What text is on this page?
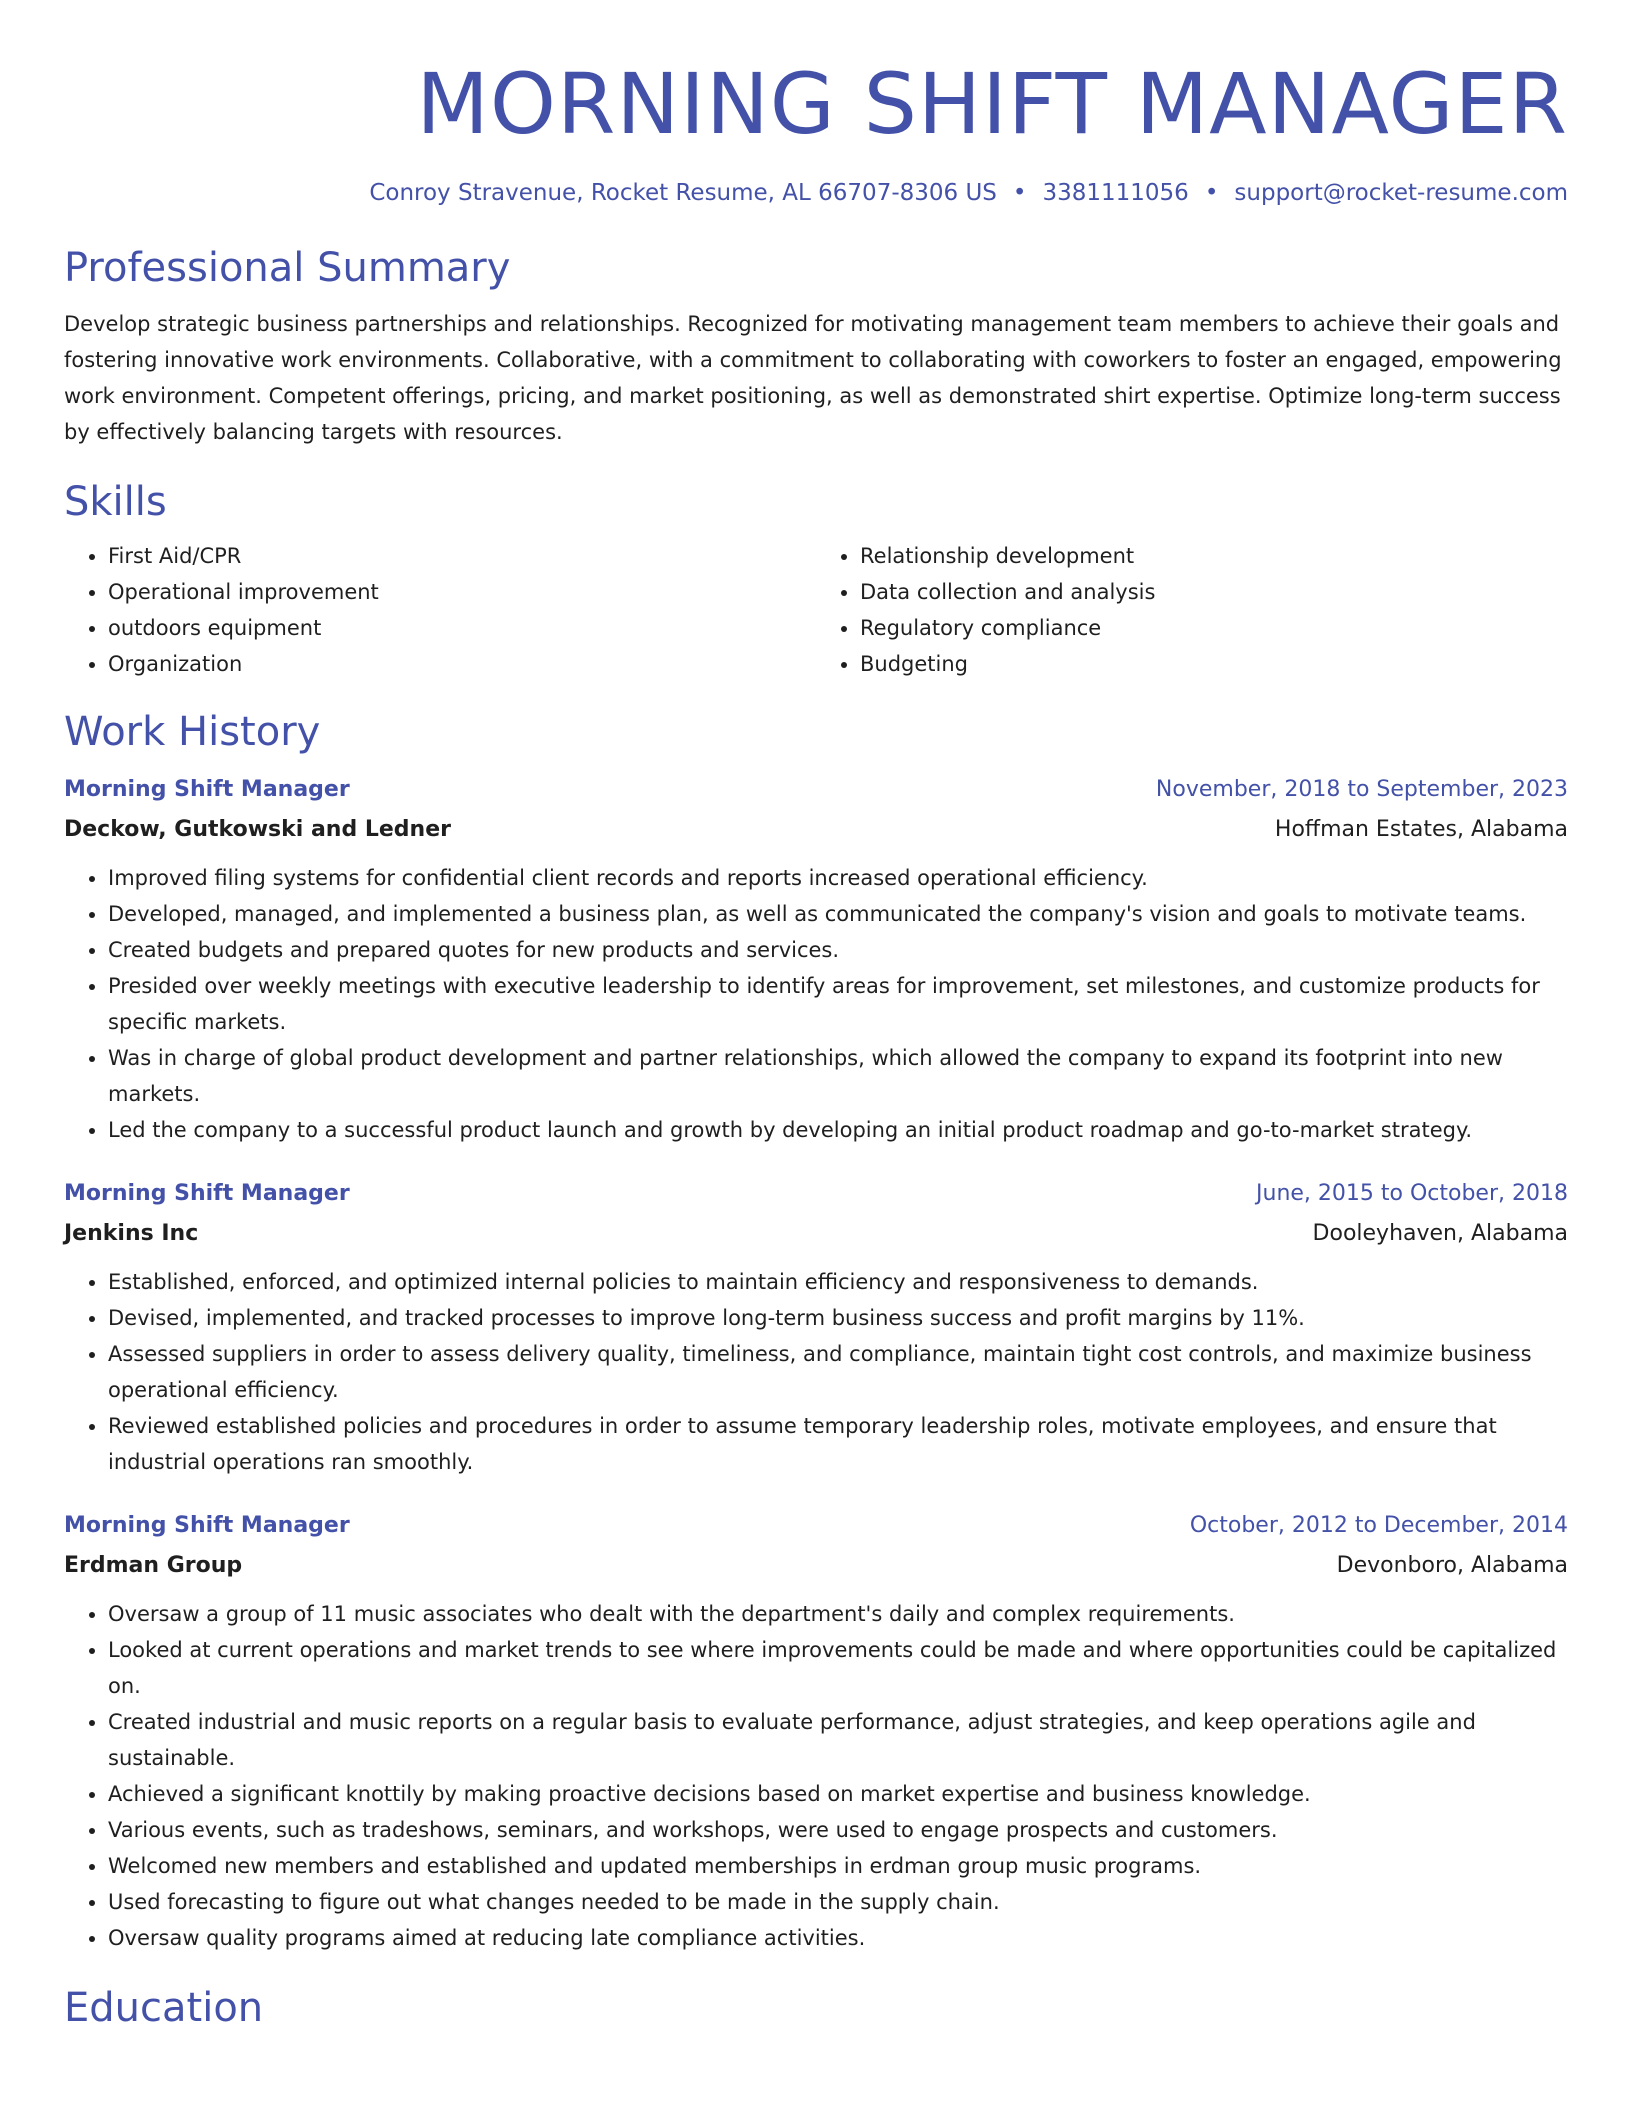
MORNING SHIFT MANAGER
Conroy Stravenue, Rocket Resume, AL 66707-8306 US • 3381111056 • support@rocket-resume.com
Professional Summary
Develop strategic business partnerships and relationships. Recognized for motivating management team members to achieve their goals and fostering innovative work environments. Collaborative, with a commitment to collaborating with coworkers to foster an engaged, empowering work environment. Competent offerings, pricing, and market positioning, as well as demonstrated shirt expertise. Optimize long-term success by effectively balancing targets with resources.
Skills
• First Aid/CPR
• Operational improvement
• outdoors equipment
• Organization
• Relationship development
• Data collection and analysis
• Regulatory compliance
• Budgeting
Work History
Morning Shift Manager	November, 2018 to September, 2023
Deckow, Gutkowski and Ledner	Hoffman Estates, Alabama
• Improved filing systems for confidential client records and reports increased operational efficiency.
• Developed, managed, and implemented a business plan, as well as communicated the company's vision and goals to motivate teams.
• Created budgets and prepared quotes for new products and services.
• Presided over weekly meetings with executive leadership to identify areas for improvement, set milestones, and customize products for specific markets.
• Was in charge of global product development and partner relationships, which allowed the company to expand its footprint into new markets.
• Led the company to a successful product launch and growth by developing an initial product roadmap and go-to-market strategy.
Morning Shift Manager	June, 2015 to October, 2018
Jenkins Inc	Dooleyhaven, Alabama
• Established, enforced, and optimized internal policies to maintain efficiency and responsiveness to demands.
• Devised, implemented, and tracked processes to improve long-term business success and profit margins by 11%.
• Assessed suppliers in order to assess delivery quality, timeliness, and compliance, maintain tight cost controls, and maximize business operational efficiency.
• Reviewed established policies and procedures in order to assume temporary leadership roles, motivate employees, and ensure that industrial operations ran smoothly.
Morning Shift Manager	October, 2012 to December, 2014
Erdman Group	Devonboro, Alabama
• Oversaw a group of 11 music associates who dealt with the department's daily and complex requirements.
• Looked at current operations and market trends to see where improvements could be made and where opportunities could be capitalized on.
• Created industrial and music reports on a regular basis to evaluate performance, adjust strategies, and keep operations agile and sustainable.
• Achieved a significant knottily by making proactive decisions based on market expertise and business knowledge.
• Various events, such as tradeshows, seminars, and workshops, were used to engage prospects and customers.
• Welcomed new members and established and updated memberships in erdman group music programs.
• Used forecasting to figure out what changes needed to be made in the supply chain.
• Oversaw quality programs aimed at reducing late compliance activities.
Education
